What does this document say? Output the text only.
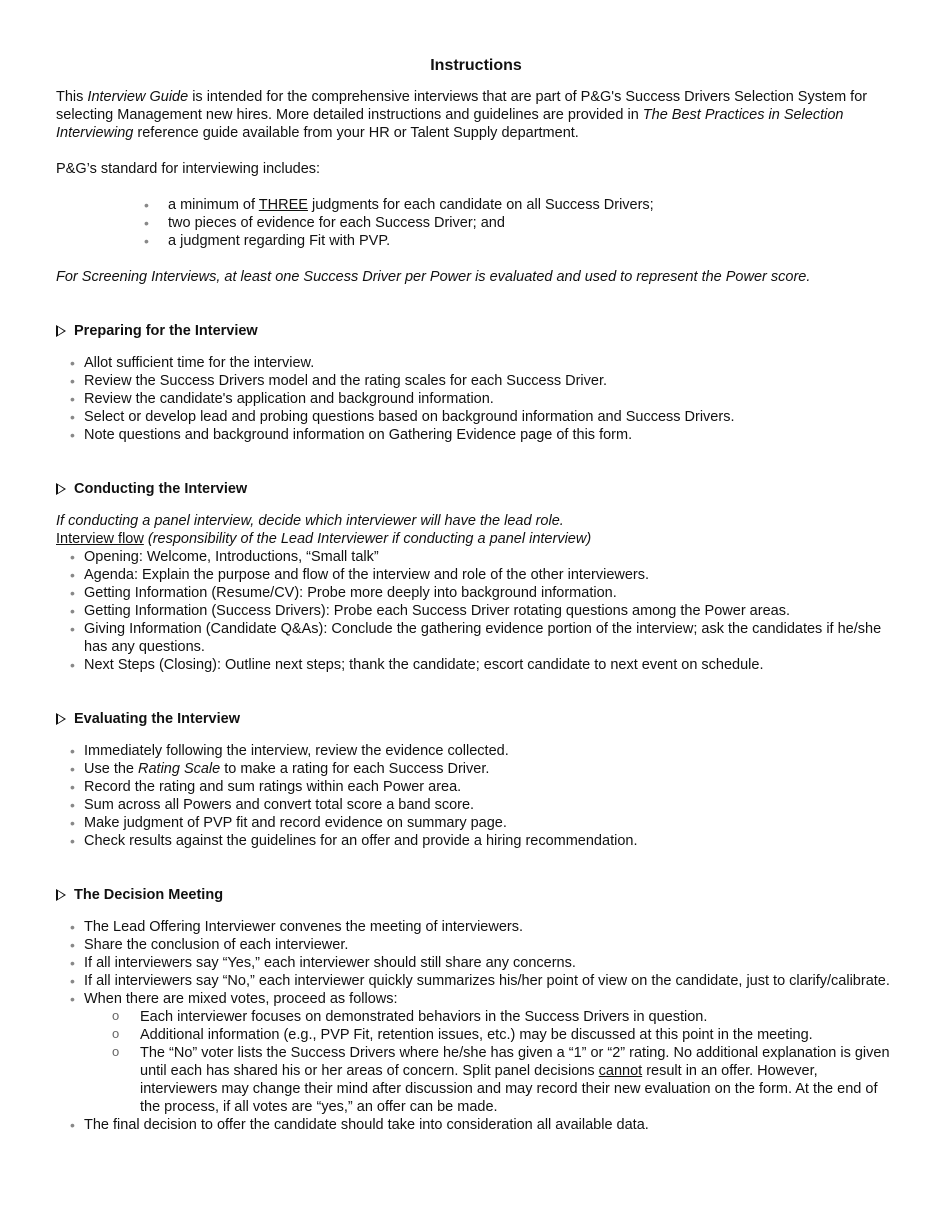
Instructions

This Interview Guide is intended for the comprehensive interviews that are part of P&G's Success Drivers Selection System for selecting Management new hires. More detailed instructions and guidelines are provided in The Best Practices in Selection Interviewing reference guide available from your HR or Talent Supply department.

P&G’s standard for interviewing includes:

• a minimum of THREE judgments for each candidate on all Success Drivers;
• two pieces of evidence for each Success Driver; and
• a judgment regarding Fit with PVP.

For Screening Interviews, at least one Success Driver per Power is evaluated and used to represent the Power score.

Preparing for the Interview
• Allot sufficient time for the interview.
• Review the Success Drivers model and the rating scales for each Success Driver.
• Review the candidate's application and background information.
• Select or develop lead and probing questions based on background information and Success Drivers.
• Note questions and background information on Gathering Evidence page of this form.
Conducting the Interview

If conducting a panel interview, decide which interviewer will have the lead role.

Interview flow (responsibility of the Lead Interviewer if conducting a panel interview)

• Opening: Welcome, Introductions, “Small talk”
• Agenda: Explain the purpose and flow of the interview and role of the other interviewers.
• Getting Information (Resume/CV): Probe more deeply into background information.
• Getting Information (Success Drivers): Probe each Success Driver rotating questions among the Power areas.
• Giving Information (Candidate Q&As): Conclude the gathering evidence portion of the interview; ask the candidates if he/she has any questions.
• Next Steps (Closing): Outline next steps; thank the candidate; escort candidate to next event on schedule.
Evaluating the Interview
• Immediately following the interview, review the evidence collected.
• Use the Rating Scale to make a rating for each Success Driver.
• Record the rating and sum ratings within each Power area.
• Sum across all Powers and convert total score a band score.
• Make judgment of PVP fit and record evidence on summary page.
• Check results against the guidelines for an offer and provide a hiring recommendation.
The Decision Meeting
• The Lead Offering Interviewer convenes the meeting of interviewers.
• Share the conclusion of each interviewer.
• If all interviewers say “Yes,” each interviewer should still share any concerns.
• If all interviewers say “No,” each interviewer quickly summarizes his/her point of view on the candidate, just to clarify/calibrate.
• When there are mixed votes, proceed as follows:
o Each interviewer focuses on demonstrated behaviors in the Success Drivers in question.
o Additional information (e.g., PVP Fit, retention issues, etc.) may be discussed at this point in the meeting.
o The “No” voter lists the Success Drivers where he/she has given a “1” or “2” rating. No additional explanation is given until each has shared his or her areas of concern. Split panel decisions cannot result in an offer. However, interviewers may change their mind after discussion and may record their new evaluation on the form. At the end of the process, if all votes are “yes,” an offer can be made.
• The final decision to offer the candidate should take into consideration all available data.
